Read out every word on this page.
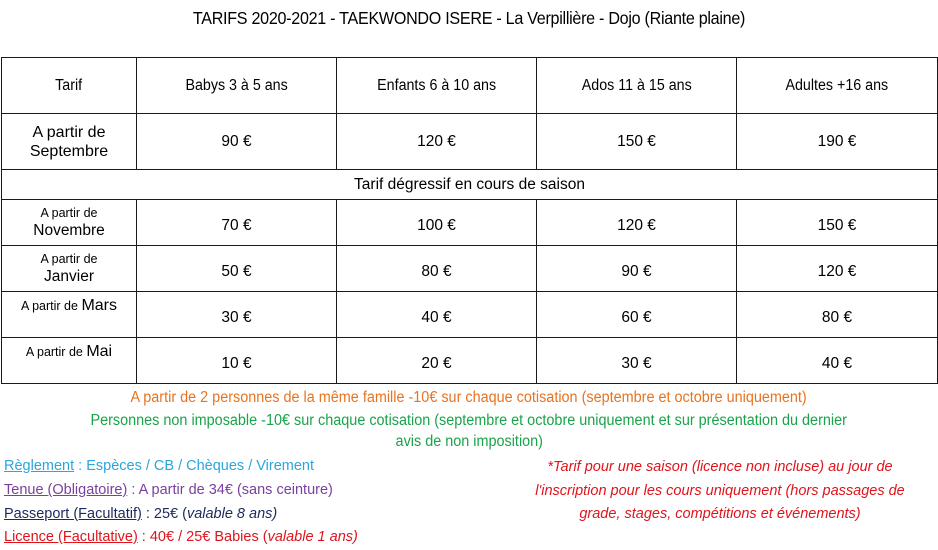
TARIFS 2020-2021 - TAEKWONDO ISERE - La Verpillière - Dojo (Riante plaine)
Tarif	Babys 3 à 5 ans	Enfants 6 à 10 ans	Ados 11 à 15 ans	Adultes +16 ans

A partir de
Septembre	90 €	120 €	150 €	190 €
Tarif dégressif en cours de saison				

A partir de
Novembre	70 €	100 €	120 €	150 €

A partir de
Janvier	50 €	80 €	90 €	120 €
$^{A partir de Mars}$	30 €	40 €	60 €	80 €
$^{A partir de Mai}$	10 €	20 €	30 €	40 €
A partir de 2 personnes de la même famille -10€ sur chaque cotisation (septembre et octobre uniquement)
Personnes non imposable -10€ sur chaque cotisation (septembre et octobre uniquement et sur présentation du dernier
avis de non imposition)
Règlement : Espèces / CB / Chèques / Virement
Tenue (Obligatoire) : A partir de 34€ (sans ceinture)
Passeport (Facultatif) : 25€ (valable 8 ans)
Licence (Facultative) : 40€ / 25€ Babies (valable 1 ans)
*Tarif pour une saison (licence non incluse) au jour de l'inscription pour les cours uniquement (hors passages de grade, stages, compétitions et événements)
